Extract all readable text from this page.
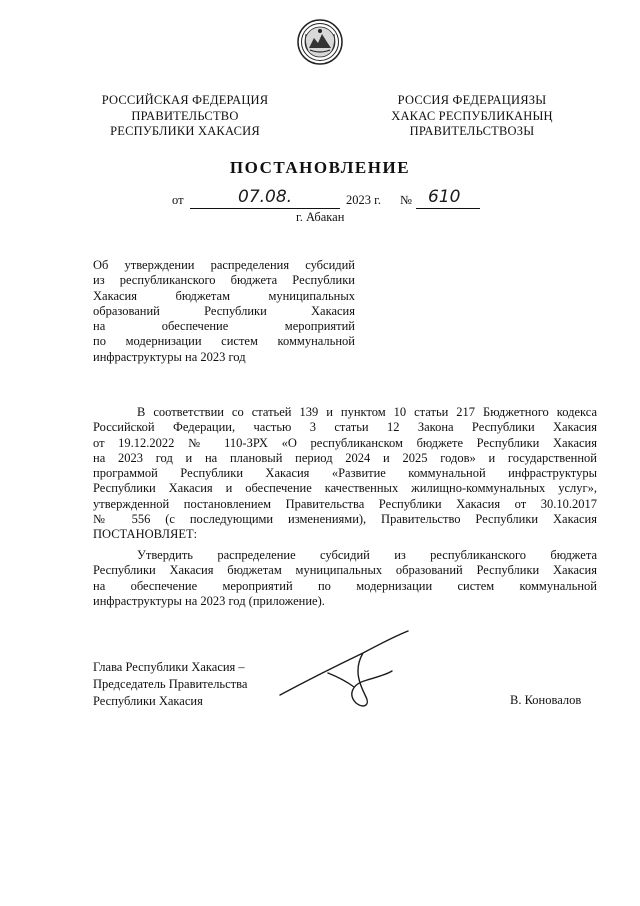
РОССИЙСКАЯ ФЕДЕРАЦИЯ
ПРАВИТЕЛЬСТВО
РЕСПУБЛИКИ ХАКАСИЯ
РОССИЯ ФЕДЕРАЦИЯЗЫ
ХАКАС РЕСПУБЛИКАНЫҢ
ПРАВИТЕЛЬСТВОЗЫ
ПОСТАНОВЛЕНИЕ
от	07.08.	2023 г. № 610
г. Абакан
Об утверждении распределения субсидий
из республиканского бюджета Республики
Хакасия бюджетам муниципальных
образований Республики Хакасия
на обеспечение мероприятий
по модернизации систем коммунальной
инфраструктуры на 2023 год
В соответствии со статьей 139 и пунктом 10 статьи 217 Бюджетного кодекса
Российской Федерации, частью 3 статьи 12 Закона Республики Хакасия
от 19.12.2022 № 110-ЗРХ «О республиканском бюджете Республики Хакасия
на 2023 год и на плановый период 2024 и 2025 годов» и государственной
программой Республики Хакасия «Развитие коммунальной инфраструктуры
Республики Хакасия и обеспечение качественных жилищно-коммунальных услуг»,
утвержденной постановлением Правительства Республики Хакасия от 30.10.2017
№ 556 (с последующими изменениями), Правительство Республики Хакасия
ПОСТАНОВЛЯЕТ:
Утвердить распределение субсидий из республиканского бюджета
Республики Хакасия бюджетам муниципальных образований Республики Хакасия
на обеспечение мероприятий по модернизации систем коммунальной
инфраструктуры на 2023 год (приложение).
Глава Республики Хакасия –
Председатель Правительства
Республики Хакасия	В. Коновалов
